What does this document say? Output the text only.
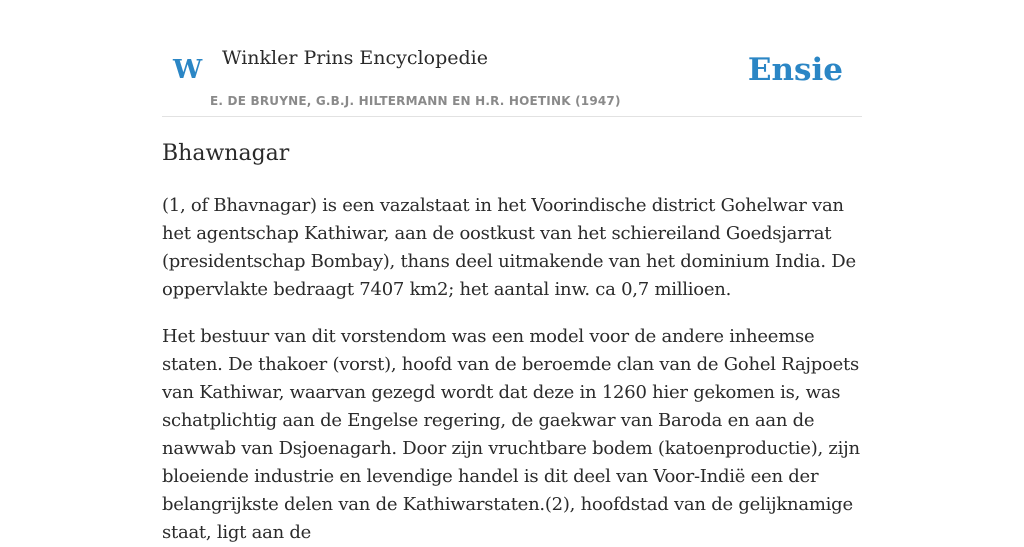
W Winkler Prins Encyclopedie
E. DE BRUYNE, G.B.J. HILTERMANN EN H.R. HOETINK (1947)
Ensie
Bhawnagar

(1, of Bhavnagar) is een vazalstaat in het Voorindische district Gohelwar van het agentschap Kathiwar, aan de oostkust van het schiereiland Goedsjarrat (presidentschap Bombay), thans deel uitmakende van het dominium India. De oppervlakte bedraagt 7407 km2; het aantal inw. ca 0,7 millioen.

Het bestuur van dit vorstendom was een model voor de andere inheemse staten. De thakoer (vorst), hoofd van de beroemde clan van de Gohel Rajpoets van Kathiwar, waarvan gezegd wordt dat deze in 1260 hier gekomen is, was schatplichtig aan de Engelse regering, de gaekwar van Baroda en aan de nawwab van Dsjoenagarh. Door zijn vruchtbare bodem (katoenproductie), zijn bloeiende industrie en levendige handel is dit deel van Voor-Indië een der belangrijkste delen van de Kathiwarstaten.(2), hoofdstad van de gelijknamige staat, ligt aan de
